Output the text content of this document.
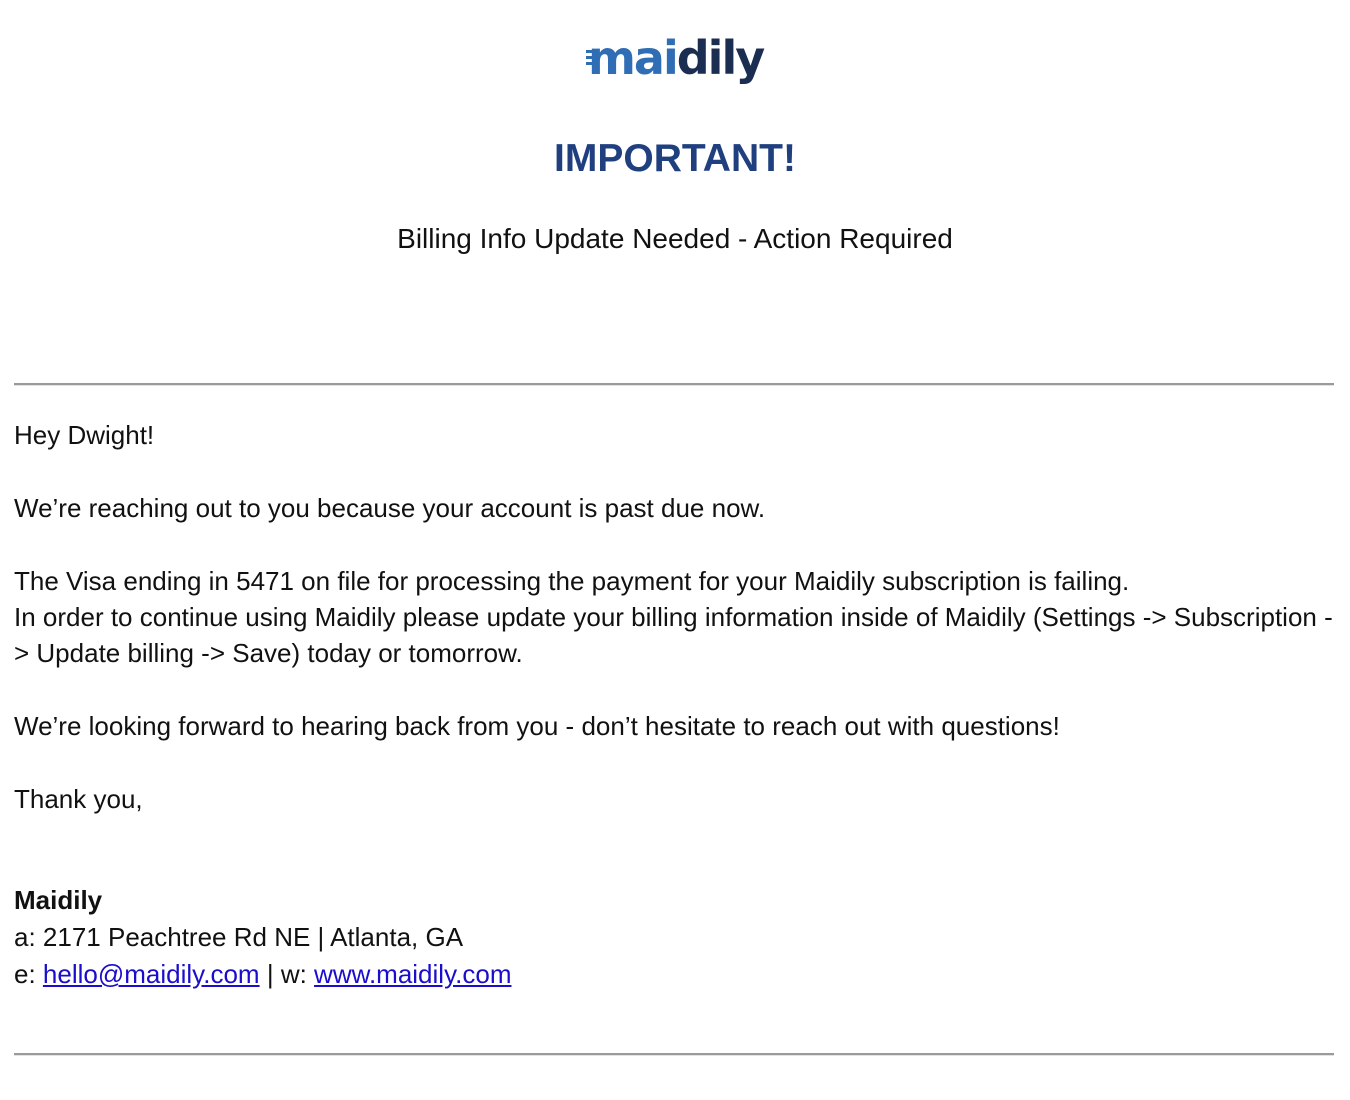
maidily
IMPORTANT!
Billing Info Update Needed - Action Required

Hey Dwight!

We’re reaching out to you because your account is past due now.

The Visa ending in 5471 on file for processing the payment for your Maidily subscription is failing.

In order to continue using Maidily please update your billing information inside of Maidily (Settings -> Subscription -> Update billing -> Save) today or tomorrow.

We’re looking forward to hearing back from you - don’t hesitate to reach out with questions!

Thank you,

Maidily
a: 2171 Peachtree Rd NE | Atlanta, GA
e: hello@maidily.com | w: www.maidily.com
